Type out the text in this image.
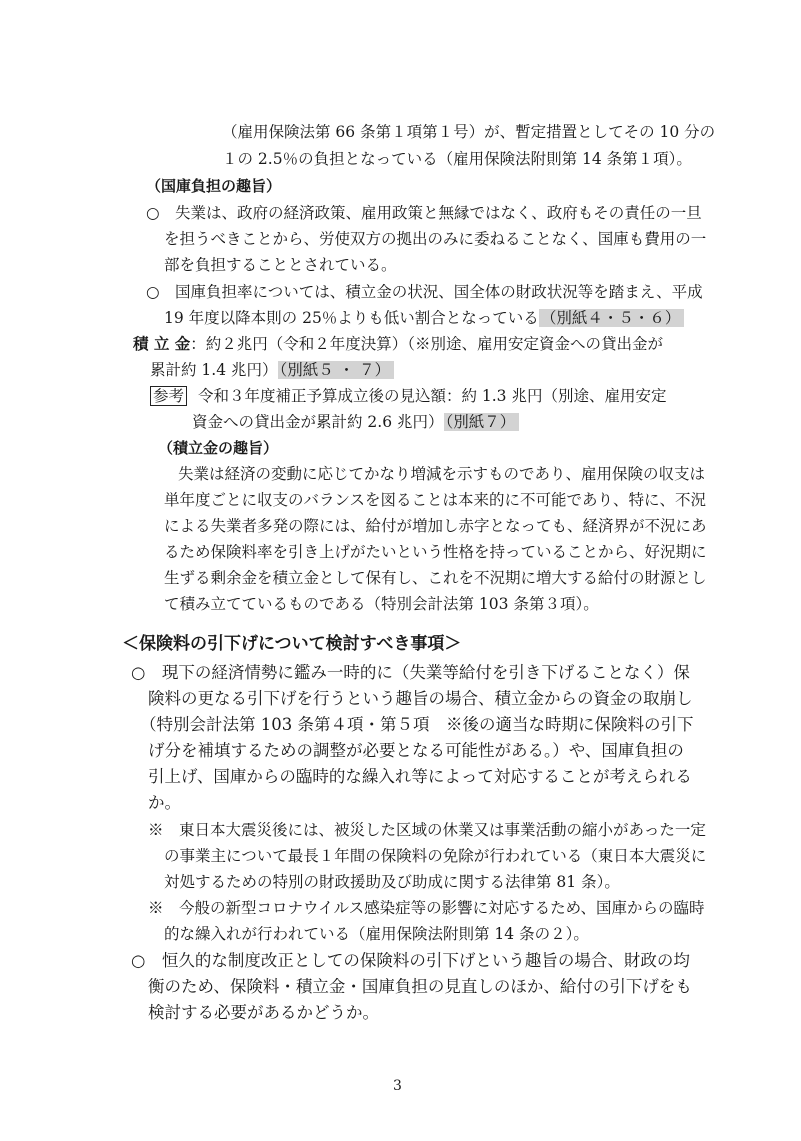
（雇用保険法第 66 条第１項第１号）が、暫定措置としてその 10 分の
１の 2.5％の負担となっている（雇用保険法附則第 14 条第１項）。
（国庫負担の趣旨）
○　失業は、政府の経済政策、雇用政策と無縁ではなく、政府もその責任の一旦
を担うべきことから、労使双方の拠出のみに委ねることなく、国庫も費用の一
部を負担することとされている。
○　国庫負担率については、積立金の状況、国全体の財政状況等を踏まえ、平成
19 年度以降本則の 25％よりも低い割合となっている （別紙４・５・６）
積 立 金：約２兆円（令和２年度決算）（※別途、雇用安定資金への貸出金が
累計約 1.4 兆円） （別紙５ ・ ７）
参考 令和３年度補正予算成立後の見込額：約 1.3 兆円（別途、雇用安定
資金への貸出金が累計約 2.6 兆円） （別紙７）
（積立金の趣旨）
失業は経済の変動に応じてかなり増減を示すものであり、雇用保険の収支は
単年度ごとに収支のバランスを図ることは本来的に不可能であり、特に、不況
による失業者多発の際には、給付が増加し赤字となっても、経済界が不況にあ
るため保険料率を引き上げがたいという性格を持っていることから、好況期に
生ずる剰余金を積立金として保有し、これを不況期に増大する給付の財源とし
て積み立てているものである（特別会計法第 103 条第３項）。
＜保険料の引下げについて検討すべき事項＞
○　現下の経済情勢に鑑み一時的に（失業等給付を引き下げることなく）保
険料の更なる引下げを行うという趣旨の場合、積立金からの資金の取崩し
（特別会計法第 103 条第４項・第５項　※後の適当な時期に保険料の引下
げ分を補填するための調整が必要となる可能性がある。）や、国庫負担の
引上げ、国庫からの臨時的な繰入れ等によって対応することが考えられる
か。
※　東日本大震災後には、被災した区域の休業又は事業活動の縮小があった一定
の事業主について最長１年間の保険料の免除が行われている（東日本大震災に
対処するための特別の財政援助及び助成に関する法律第 81 条）。
※　今般の新型コロナウイルス感染症等の影響に対応するため、国庫からの臨時
的な繰入れが行われている（雇用保険法附則第 14 条の２）。
○　恒久的な制度改正としての保険料の引下げという趣旨の場合、財政の均
衡のため、保険料・積立金・国庫負担の見直しのほか、給付の引下げをも
検討する必要があるかどうか。
3
